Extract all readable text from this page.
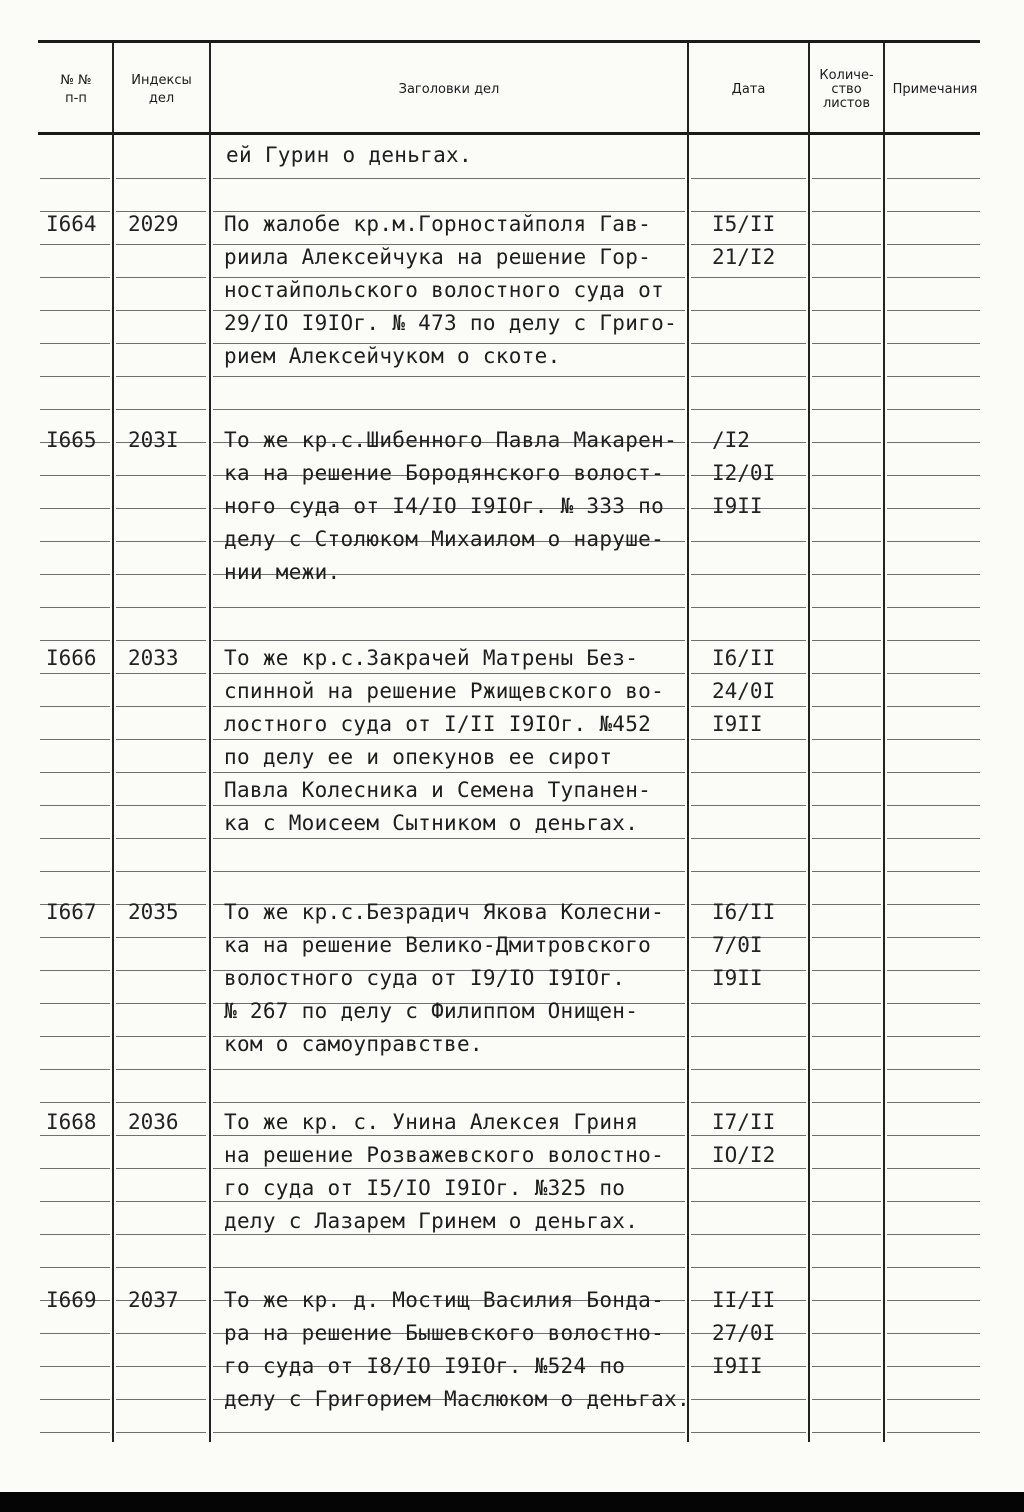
№ №
п-п
Индексы
дел
Заголовки дел	Дата
Количе-
ство
листов
Примечания
ей Гурин о деньгах.
I664 2029 По жалобе кр.м.Горностайполя Гав-
риила Алексейчука на решение Гор-
ностайпольского волостного суда от
29/IO I9IOг. № 473 по делу с Григо-
рием Алексейчуком о скоте.
I5/II
21/I2
I665 203I То же кр.с.Шибенного Павла Макарен-
ка на решение Бородянского волост-
ного суда от I4/IO I9IOг. № 333 по
делу с Столюком Михаилом о наруше-
нии межи.
/I2
I2/0I
I9II
I666 2033 То же кр.с.Закрачей Матрены Без-
спинной на решение Ржищевского во-
лостного суда от I/II I9IOг. №452
по делу ее и опекунов ее сирот
Павла Колесника и Семена Тупанен-
ка с Моисеем Сытником о деньгах.
I6/II
24/0I
I9II
I667 2035 То же кр.с.Безрадич Якова Колесни-
ка на решение Велико-Дмитровского
волостного суда от I9/IO I9IOг.
№ 267 по делу с Филиппом Онищен-
ком о самоуправстве.
I6/II
7/0I
I9II
I668 2036 То же кр. с. Унина Алексея Гриня
на решение Розважевского волостно-
го суда от I5/IO I9IOг. №325 по
делу с Лазарем Гринем о деньгах.
I7/II
IO/I2
I669 2037 То же кр. д. Мостищ Василия Бонда-
ра на решение Бышевского волостно-
го суда от I8/IO I9IOг. №524 по
делу с Григорием Маслюком о деньгах.
II/II
27/0I
I9II
